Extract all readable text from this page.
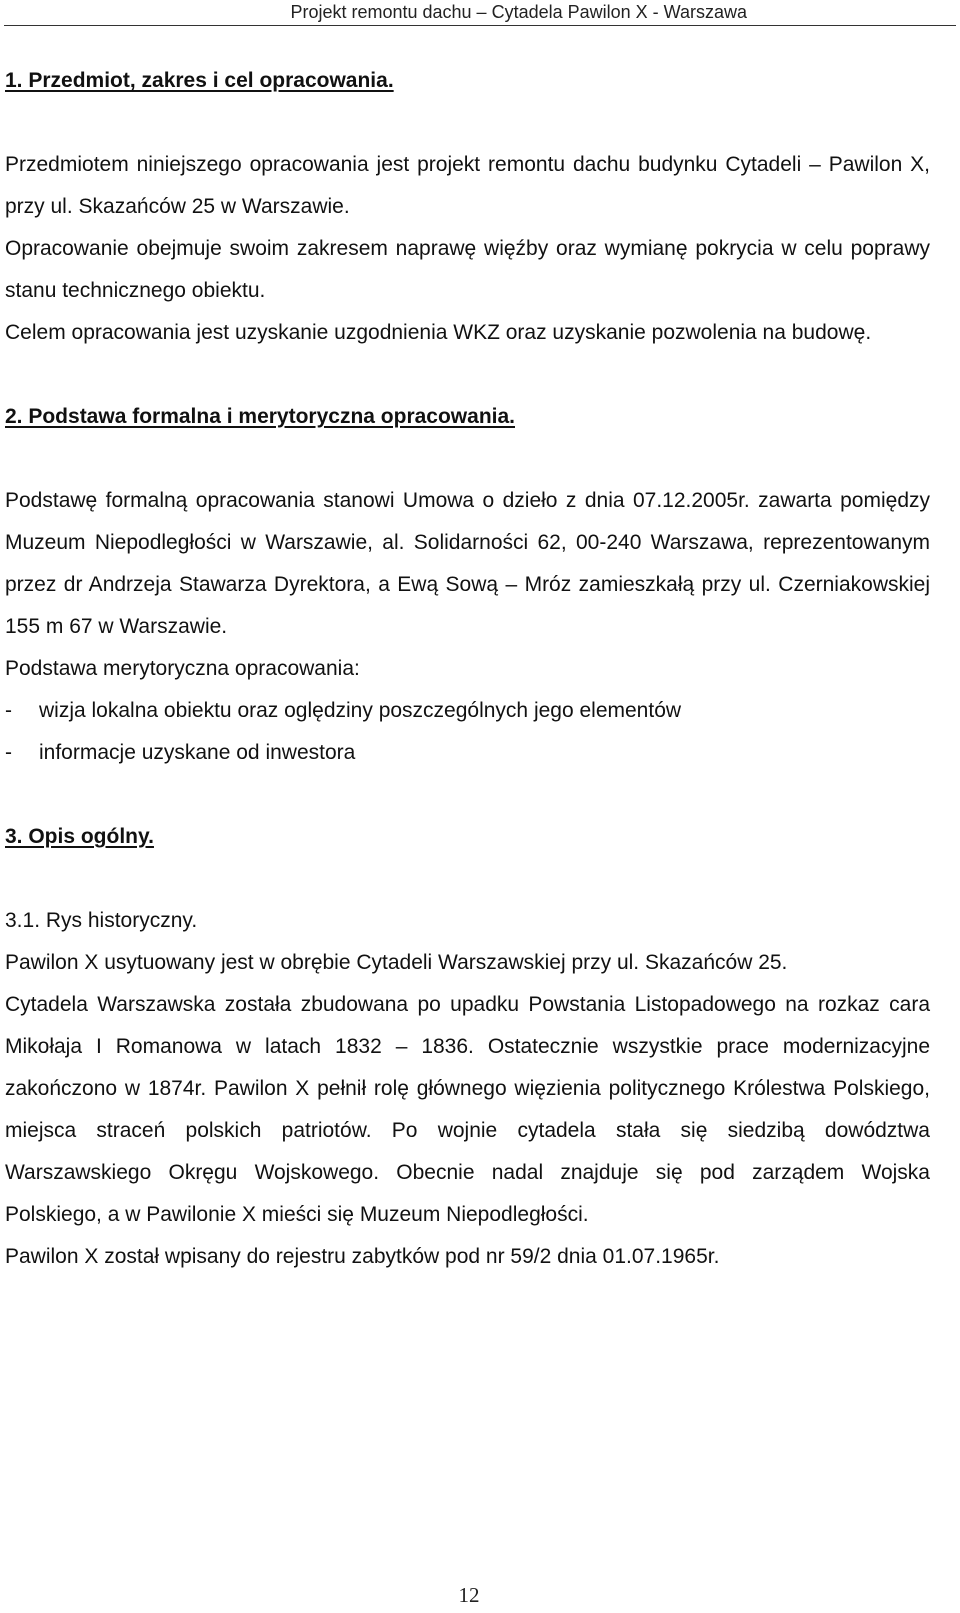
Projekt remontu dachu – Cytadela Pawilon X - Warszawa

1. Przedmiot, zakres i cel opracowania.

Przedmiotem niniejszego opracowania jest projekt remontu dachu budynku Cytadeli – Pawilon X, przy ul. Skazańców 25 w Warszawie.

Opracowanie obejmuje swoim zakresem naprawę więźby oraz wymianę pokrycia w celu poprawy stanu technicznego obiektu.

Celem opracowania jest uzyskanie uzgodnienia WKZ oraz uzyskanie pozwolenia na budowę.

2. Podstawa formalna i merytoryczna opracowania.

Podstawę formalną opracowania stanowi Umowa o dzieło z dnia 07.12.2005r. zawarta pomiędzy Muzeum Niepodległości w Warszawie, al. Solidarności 62, 00-240 Warszawa, reprezentowanym przez dr Andrzeja Stawarza Dyrektora, a Ewą Sową – Mróz zamieszkałą przy ul. Czerniakowskiej 155 m 67 w Warszawie.

Podstawa merytoryczna opracowania:

-	wizja lokalna obiektu oraz oględziny poszczególnych jego elementów
-	informacje uzyskane od inwestora

3. Opis ogólny.

3.1. Rys historyczny.

Pawilon X usytuowany jest w obrębie Cytadeli Warszawskiej przy ul. Skazańców 25.

Cytadela Warszawska została zbudowana po upadku Powstania Listopadowego na rozkaz cara Mikołaja I Romanowa w latach 1832 – 1836. Ostatecznie wszystkie prace modernizacyjne zakończono w 1874r. Pawilon X pełnił rolę głównego więzienia politycznego Królestwa Polskiego, miejsca straceń polskich patriotów. Po wojnie cytadela stała się siedzibą dowództwa Warszawskiego Okręgu Wojskowego. Obecnie nadal znajduje się pod zarządem Wojska Polskiego, a w Pawilonie X mieści się Muzeum Niepodległości.

Pawilon X został wpisany do rejestru zabytków pod nr 59/2 dnia 01.07.1965r.

12
